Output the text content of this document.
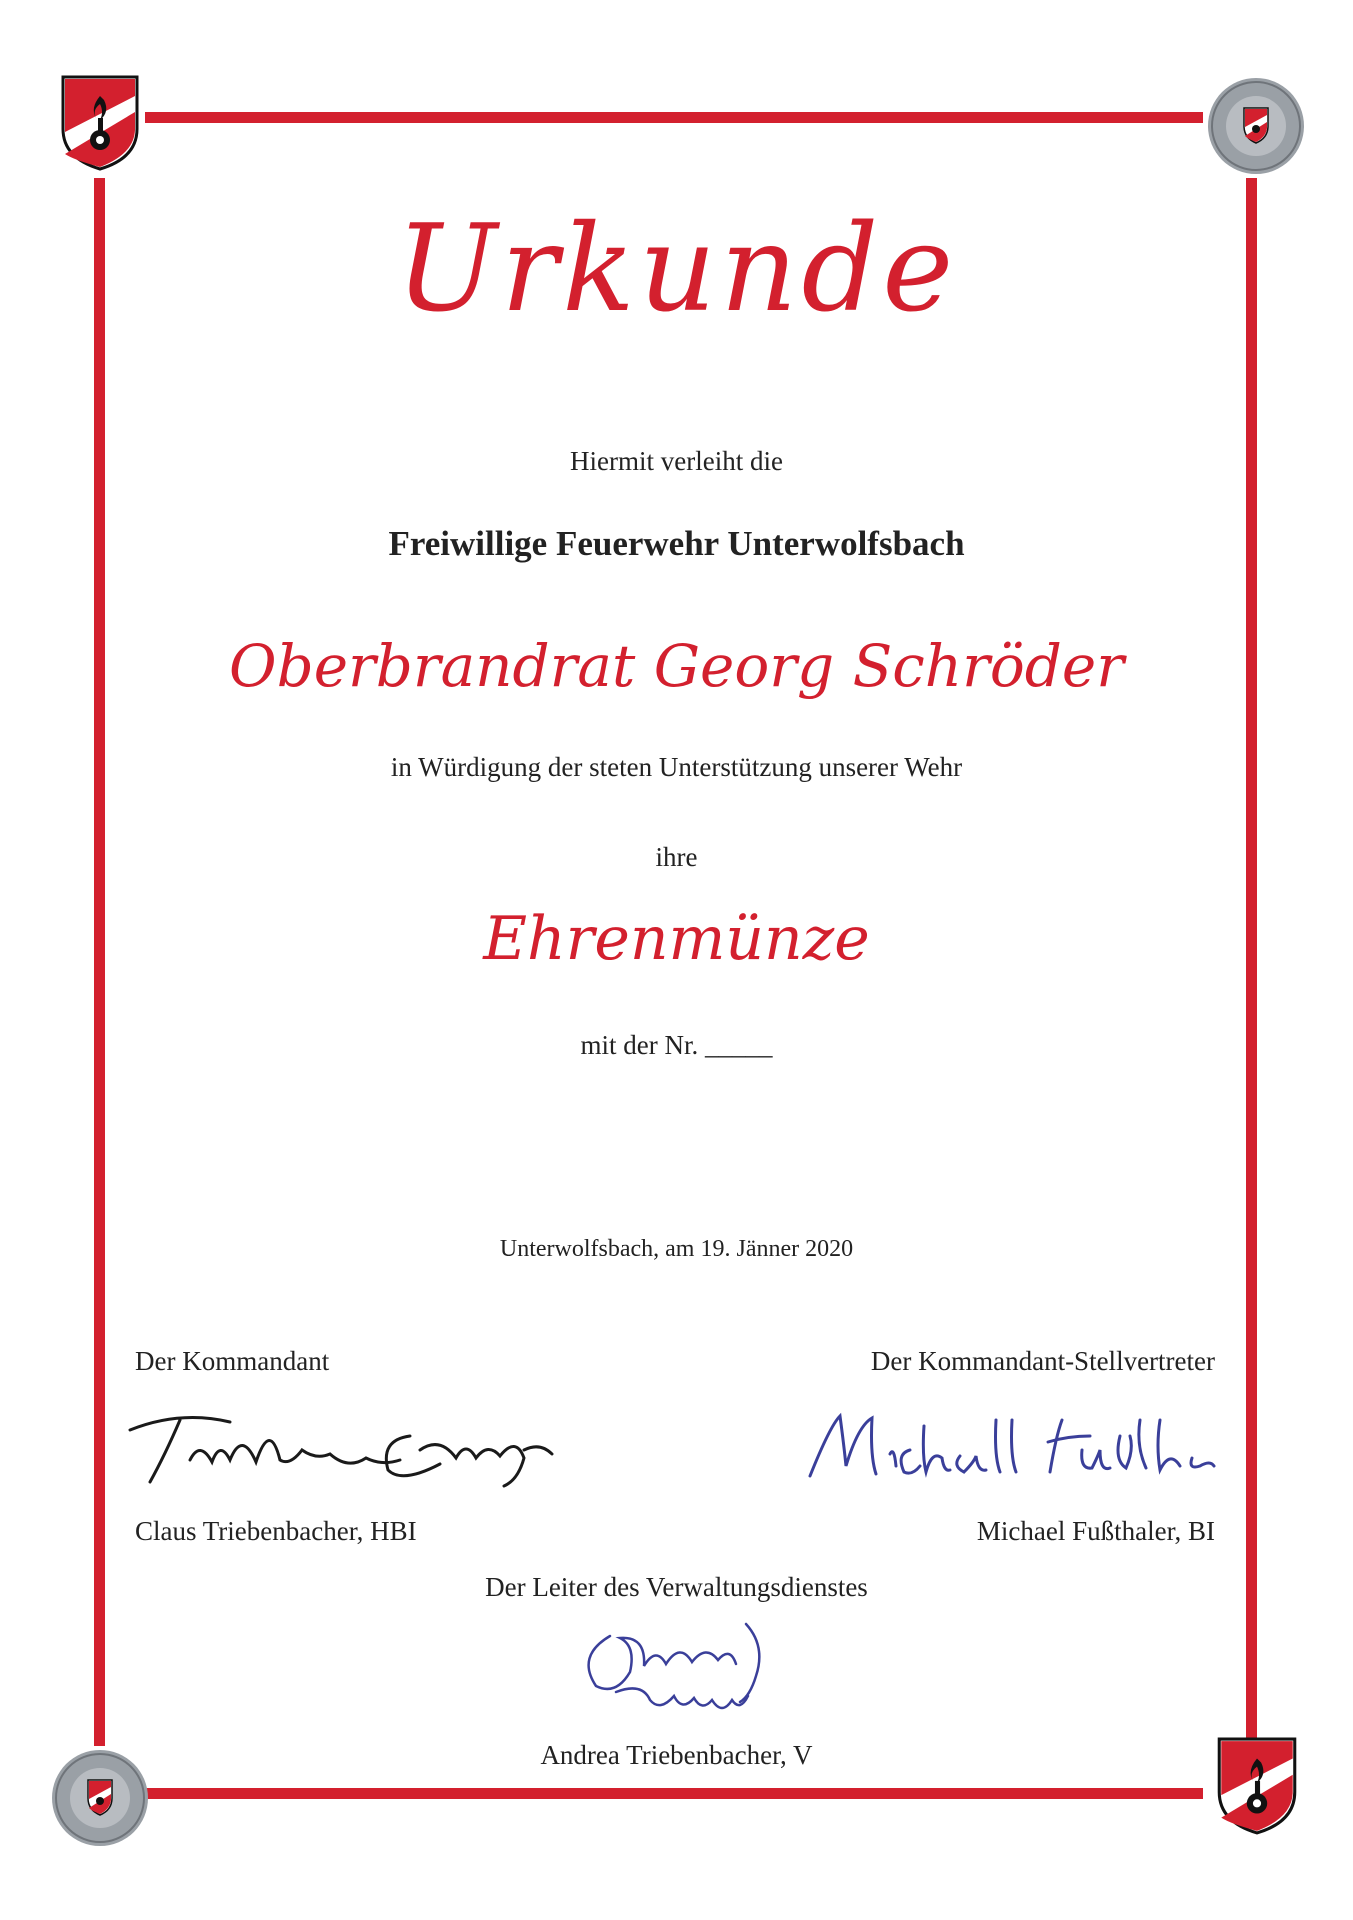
Urkunde
Hiermit verleiht die
Freiwillige Feuerwehr Unterwolfsbach
Oberbrandrat Georg Schröder
in Würdigung der steten Unterstützung unserer Wehr
ihre
Ehrenmünze
mit der Nr. _____
Unterwolfsbach, am 19. Jänner 2020
Der Kommandant	Der Kommandant-Stellvertreter
Claus Triebenbacher, HBI	Michael Fußthaler, BI
Der Leiter des Verwaltungsdienstes
Andrea Triebenbacher, V
